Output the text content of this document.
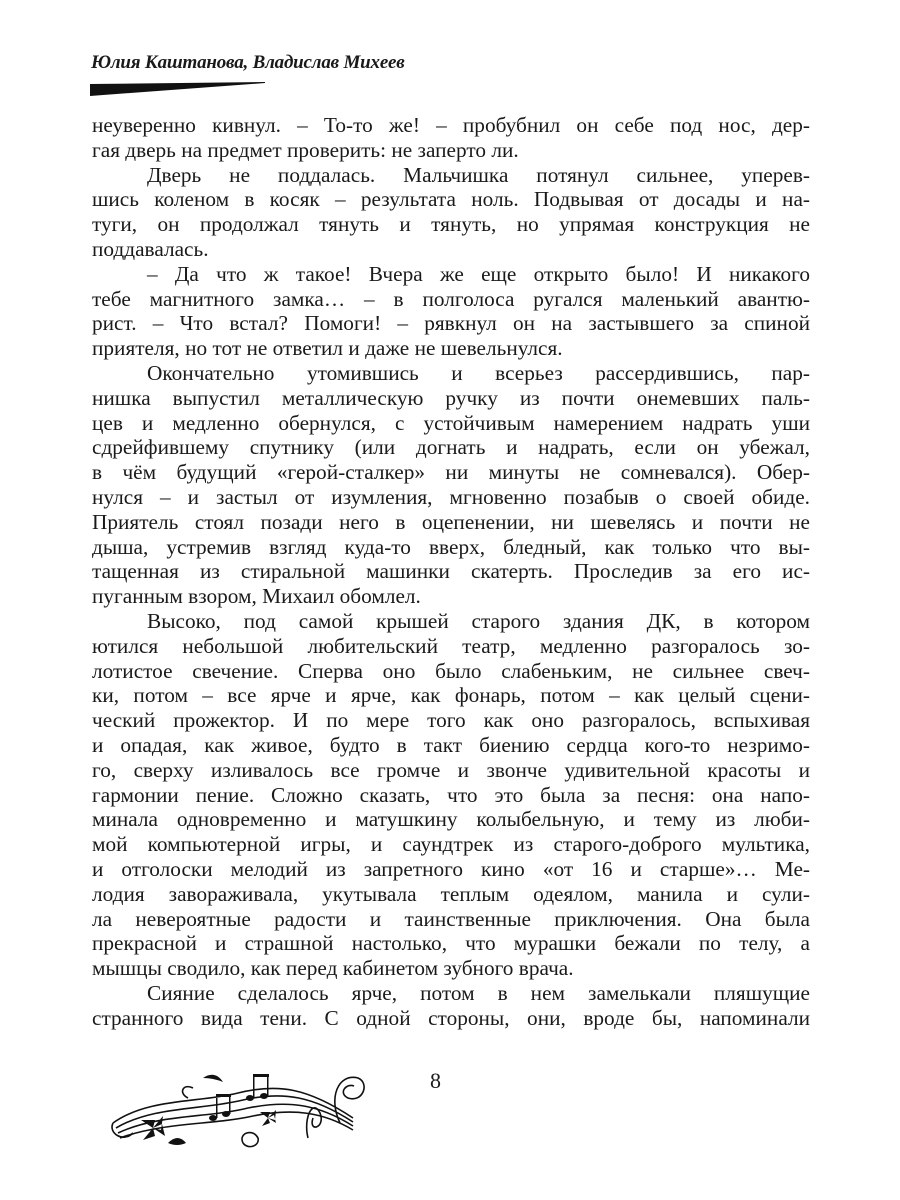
Юлия Каштанова, Владислав Михеев
неуверенно кивнул. – То-то же! – пробубнил он себе под нос, дер-
гая дверь на предмет проверить: не заперто ли.
Дверь не поддалась. Мальчишка потянул сильнее, уперев-
шись коленом в косяк – результата ноль. Подвывая от досады и на-
туги, он продолжал тянуть и тянуть, но упрямая конструкция не
поддавалась.
– Да что ж такое! Вчера же еще открыто было! И никакого
тебе магнитного замка… – в полголоса ругался маленький авантю-
рист. – Что встал? Помоги! – рявкнул он на застывшего за спиной
приятеля, но тот не ответил и даже не шевельнулся.
Окончательно утомившись и всерьез рассердившись, пар-
нишка выпустил металлическую ручку из почти онемевших паль-
цев и медленно обернулся, с устойчивым намерением надрать уши
сдрейфившему спутнику (или догнать и надрать, если он убежал,
в чём будущий «герой-сталкер» ни минуты не сомневался). Обер-
нулся – и застыл от изумления, мгновенно позабыв о своей обиде.
Приятель стоял позади него в оцепенении, ни шевелясь и почти не
дыша, устремив взгляд куда-то вверх, бледный, как только что вы-
тащенная из стиральной машинки скатерть. Проследив за его ис-
пуганным взором, Михаил обомлел.
Высоко, под самой крышей старого здания ДК, в котором
ютился небольшой любительский театр, медленно разгоралось зо-
лотистое свечение. Сперва оно было слабеньким, не сильнее свеч-
ки, потом – все ярче и ярче, как фонарь, потом – как целый сцени-
ческий прожектор. И по мере того как оно разгоралось, вспыхивая
и опадая, как живое, будто в такт биению сердца кого-то незримо-
го, сверху изливалось все громче и звонче удивительной красоты и
гармонии пение. Сложно сказать, что это была за песня: она напо-
минала одновременно и матушкину колыбельную, и тему из люби-
мой компьютерной игры, и саундтрек из старого-доброго мультика,
и отголоски мелодий из запретного кино «от 16 и старше»… Ме-
лодия завораживала, укутывала теплым одеялом, манила и сули-
ла невероятные радости и таинственные приключения. Она была
прекрасной и страшной настолько, что мурашки бежали по телу, а
мышцы сводило, как перед кабинетом зубного врача.
Сияние сделалось ярче, потом в нем замелькали пляшущие
странного вида тени. С одной стороны, они, вроде бы, напоминали
8
